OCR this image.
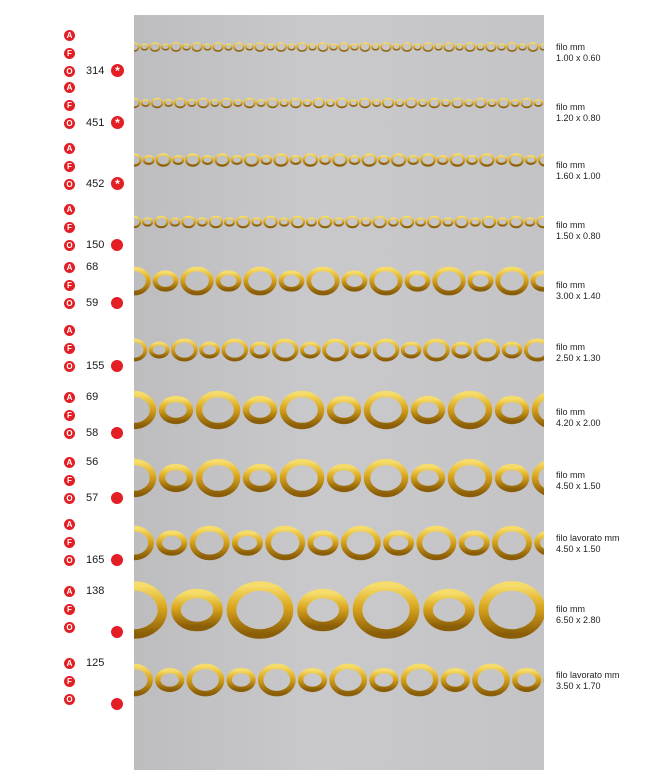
A
F
O 314 *
A
F
O 451 *
A
F
O 452 *
A
F
O 150
A
F
O
68
59
A
F
O 155
A
F
O
69
58
A
F
O
56
57
A
F
O 165
A
F
O
138
A
F
O
125
filo mm
1.00 x 0.60
filo mm
1.20 x 0.80
filo mm
1.60 x 1.00
filo mm
1.50 x 0.80
filo mm
3.00 x 1.40
filo mm
2.50 x 1.30
filo mm
4.20 x 2.00
filo mm
4.50 x 1.50
filo lavorato mm
4.50 x 1.50
filo mm
6.50 x 2.80
filo lavorato mm
3.50 x 1.70
